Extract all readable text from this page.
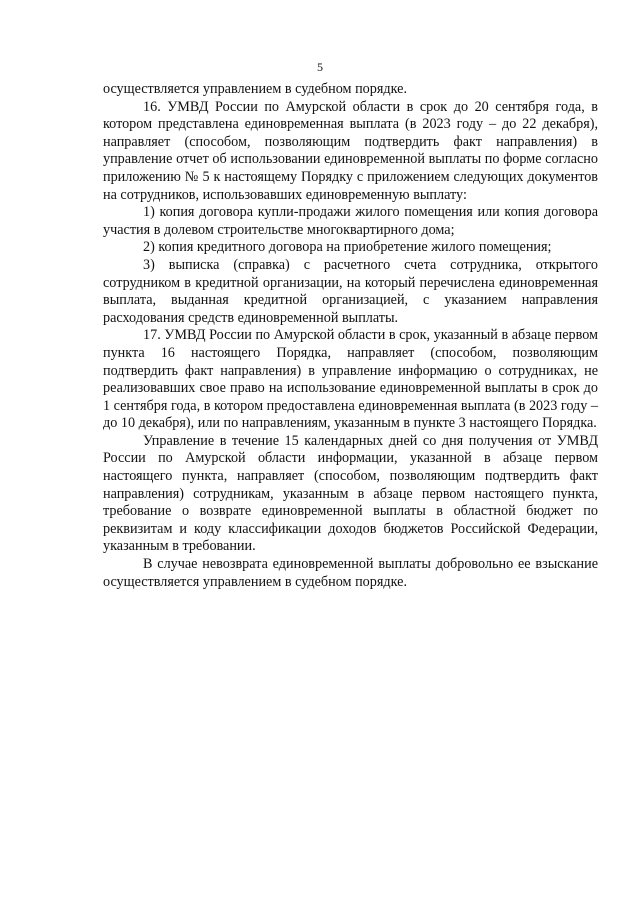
5

осуществляется управлением в судебном порядке.

16. УМВД России по Амурской области в срок до 20 сентября года, в котором представлена единовременная выплата (в 2023 году – до 22 декабря), направляет (способом, позволяющим подтвердить факт направления) в управление отчет об использовании единовременной выплаты по форме согласно приложению № 5 к настоящему Порядку с приложением следующих документов на сотрудников, использовавших единовременную выплату:

1) копия договора купли-продажи жилого помещения или копия договора участия в долевом строительстве многоквартирного дома;

2) копия кредитного договора на приобретение жилого помещения;

3) выписка (справка) с расчетного счета сотрудника, открытого сотрудником в кредитной организации, на который перечислена единовременная выплата, выданная кредитной организацией, с указанием направления расходования средств единовременной выплаты.

17. УМВД России по Амурской области в срок, указанный в абзаце первом пункта 16 настоящего Порядка, направляет (способом, позволяющим подтвердить факт направления) в управление информацию о сотрудниках, не реализовавших свое право на использование единовременной выплаты в срок до 1 сентября года, в котором предоставлена единовременная выплата (в 2023 году – до 10 декабря), или по направлениям, указанным в пункте 3 настоящего Порядка.

Управление в течение 15 календарных дней со дня получения от УМВД России по Амурской области информации, указанной в абзаце первом настоящего пункта, направляет (способом, позволяющим подтвердить факт направления) сотрудникам, указанным в абзаце первом настоящего пункта, требование о возврате единовременной выплаты в областной бюджет по реквизитам и коду классификации доходов бюджетов Российской Федерации, указанным в требовании.

В случае невозврата единовременной выплаты добровольно ее взыскание осуществляется управлением в судебном порядке.
